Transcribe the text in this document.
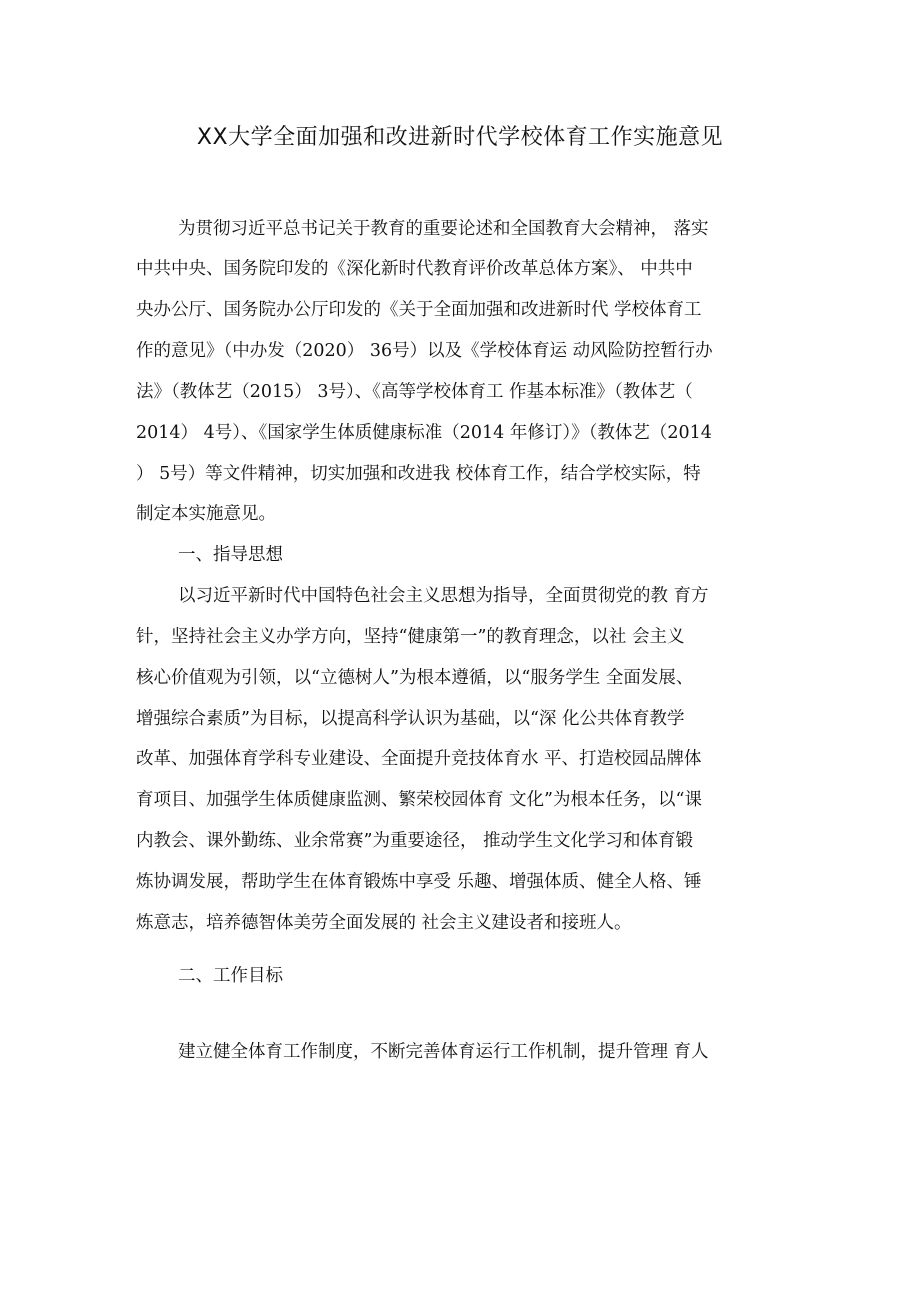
XX大学全面加强和改进新时代学校体育工作实施意见
为贯彻习近平总书记关于教育的重要论述和全国教育大会精神， 落实
中共中央、国务院印发的《深化新时代教育评价改革总体方案》、 中共中
央办公厅、国务院办公厅印发的《关于全面加强和改进新时代 学校体育工
作的意见》（中办发（2020） 36号）以及《学校体育运 动风险防控暂行办
法》（教体艺（2015） 3号）、《高等学校体育工 作基本标准》（教体艺（
2014） 4号）、《国家学生体质健康标准（2014 年修订）》（教体艺（2014
） 5号）等文件精神，切实加强和改进我 校体育工作，结合学校实际，特
制定本实施意见。
一、指导思想
以习近平新时代中国特色社会主义思想为指导，全面贯彻党的教 育方
针，坚持社会主义办学方向，坚持“健康第一”的教育理念，以社 会主义
核心价值观为引领，以“立德树人”为根本遵循，以“服务学生 全面发展、
增强综合素质”为目标，以提高科学认识为基础，以“深 化公共体育教学
改革、加强体育学科专业建设、全面提升竞技体育水 平、打造校园品牌体
育项目、加强学生体质健康监测、繁荣校园体育 文化”为根本任务，以“课
内教会、课外勤练、业余常赛”为重要途径， 推动学生文化学习和体育锻
炼协调发展，帮助学生在体育锻炼中享受 乐趣、增强体质、健全人格、锤
炼意志，培养德智体美劳全面发展的 社会主义建设者和接班人。
二、工作目标
建立健全体育工作制度，不断完善体育运行工作机制，提升管理 育人
